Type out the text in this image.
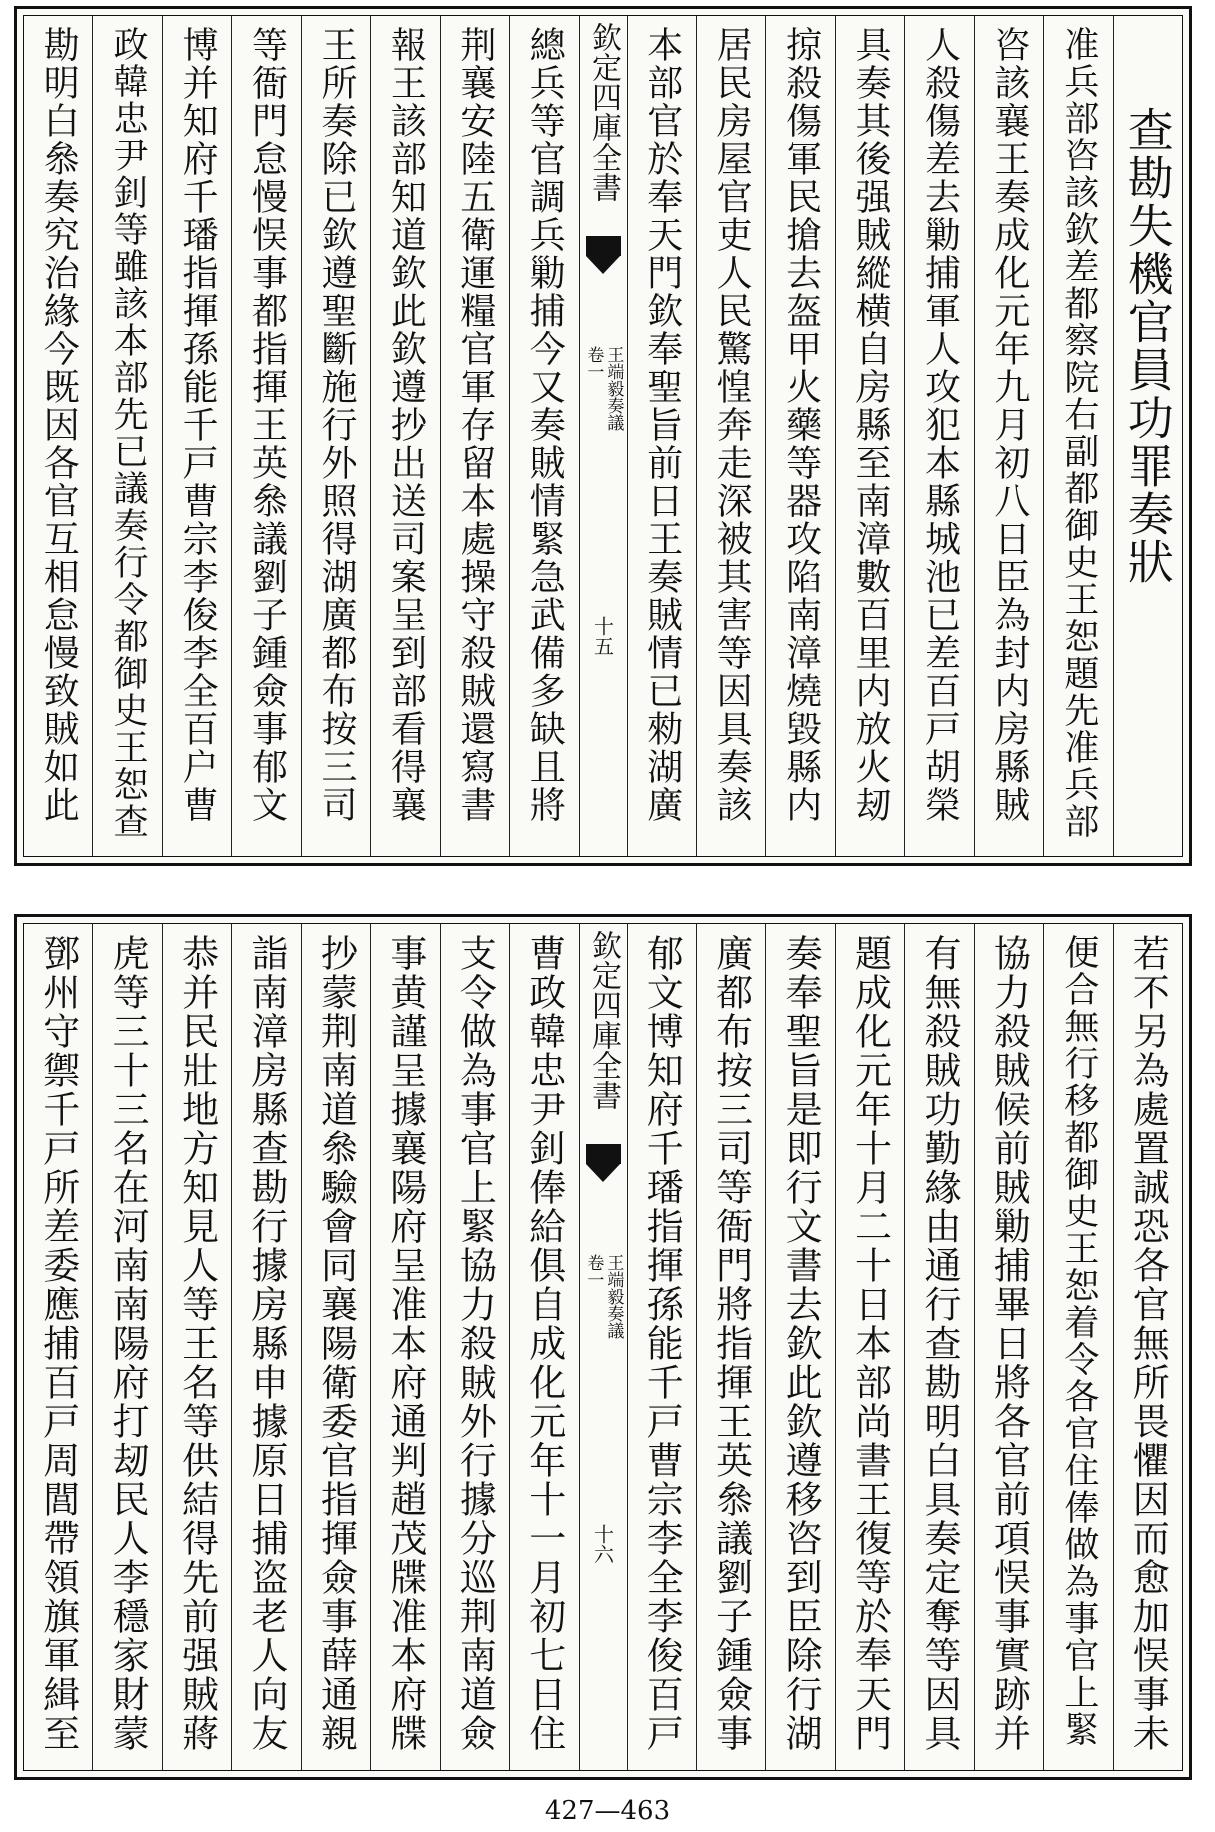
查勘失機官員功罪奏狀
准兵部咨該欽差都察院右副都御史王恕題先准兵部
咨該襄王奏成化元年九月初八日臣為封内房縣賊
人殺傷差去勦捕軍人攻犯本縣城池已差百戸胡榮
具奏其後强賊縱横自房縣至南漳數百里内放火刼
掠殺傷軍民搶去盔甲火藥等器攻陷南漳燒毀縣内
居民房屋官吏人民驚惶奔走深被其害等因具奏該
本部官於奉天門欽奉聖旨前日王奏賊情已勑湖廣
欽定四庫全書
王端毅奏議
卷一
十五
總兵等官調兵勦捕今又奏賊情緊急武備多缺且將
荆襄安陸五衛運糧官軍存留本處操守殺賊還寫書
報王該部知道欽此欽遵抄出送司案呈到部看得襄
王所奏除已欽遵聖斷施行外照得湖廣都布按三司
等衙門怠慢悮事都指揮王英叅議劉子鍾僉事郁文
博并知府千璠指揮孫能千戸曹宗李俊李全百户曹
政韓忠尹釗等雖該本部先已議奏行令都御史王恕查
勘明白叅奏究治緣今既因各官互相怠慢致賊如此
若不另為處置誠恐各官無所畏懼因而愈加悮事未
便合無行移都御史王恕着令各官住俸做為事官上緊
協力殺賊候前賊勦捕畢日將各官前項悮事實跡并
有無殺賊功勤緣由通行查勘明白具奏定奪等因具
題成化元年十月二十日本部尚書王復等於奉天門
奏奉聖旨是即行文書去欽此欽遵移咨到臣除行湖
廣都布按三司等衙門將指揮王英叅議劉子鍾僉事
郁文博知府千璠指揮孫能千戸曹宗李全李俊百戸
欽定四庫全書
王端毅奏議
卷一
十六
曹政韓忠尹釗俸給俱自成化元年十一月初七日住
支令做為事官上緊協力殺賊外行據分巡荆南道僉
事黄謹呈據襄陽府呈准本府通判趙茂牒准本府牒
抄蒙荆南道叅驗會同襄陽衛委官指揮僉事薛通親
詣南漳房縣查勘行據房縣申據原日捕盗老人向友
恭并民壯地方知見人等王名等供結得先前强賊蔣
虎等三十三名在河南南陽府打刼民人李穩家財蒙
鄧州守禦千戸所差委應捕百戸周閭帶領旗軍緝至
427—463
